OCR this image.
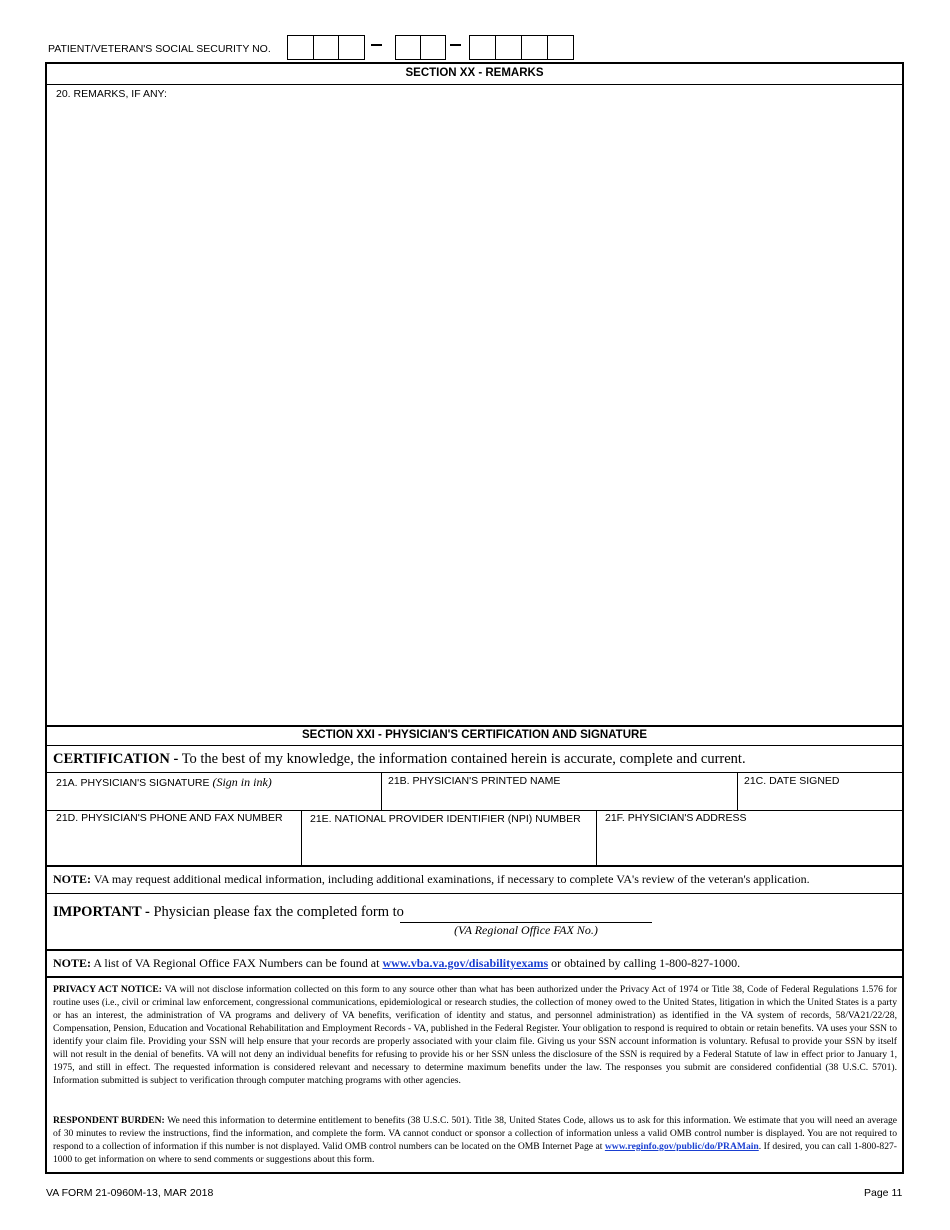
PATIENT/VETERAN'S SOCIAL SECURITY NO.
SECTION XX - REMARKS
20. REMARKS, IF ANY:
SECTION XXI - PHYSICIAN'S CERTIFICATION AND SIGNATURE
CERTIFICATION - To the best of my knowledge, the information contained herein is accurate, complete and current.
21A. PHYSICIAN'S SIGNATURE (Sign in ink)	21B. PHYSICIAN'S PRINTED NAME	21C. DATE SIGNED
21D. PHYSICIAN'S PHONE AND FAX NUMBER	21E. NATIONAL PROVIDER IDENTIFIER (NPI) NUMBER 21F. PHYSICIAN'S ADDRESS
NOTE: VA may request additional medical information, including additional examinations, if necessary to complete VA's review of the veteran's application.
IMPORTANT - Physician please fax the completed form to
(VA Regional Office FAX No.)
NOTE: A list of VA Regional Office FAX Numbers can be found at www.vba.va.gov/disabilityexams or obtained by calling 1-800-827-1000.
PRIVACY ACT NOTICE: VA will not disclose information collected on this form to any source other than what has been authorized under the Privacy Act of 1974 or Title 38, Code of Federal Regulations 1.576 for routine uses (i.e., civil or criminal law enforcement, congressional communications, epidemiological or research studies, the collection of money owed to the United States, litigation in which the United States is a party or has an interest, the administration of VA programs and delivery of VA benefits, verification of identity and status, and personnel administration) as identified in the VA system of records, 58/VA21/22/28, Compensation, Pension, Education and Vocational Rehabilitation and Employment Records - VA, published in the Federal Register. Your obligation to respond is required to obtain or retain benefits. VA uses your SSN to identify your claim file. Providing your SSN will help ensure that your records are properly associated with your claim file. Giving us your SSN account information is voluntary. Refusal to provide your SSN by itself will not result in the denial of benefits. VA will not deny an individual benefits for refusing to provide his or her SSN unless the disclosure of the SSN is required by a Federal Statute of law in effect prior to January 1, 1975, and still in effect. The requested information is considered relevant and necessary to determine maximum benefits under the law. The responses you submit are considered confidential (38 U.S.C. 5701). Information submitted is subject to verification through computer matching programs with other agencies.
RESPONDENT BURDEN: We need this information to determine entitlement to benefits (38 U.S.C. 501). Title 38, United States Code, allows us to ask for this information. We estimate that you will need an average of 30 minutes to review the instructions, find the information, and complete the form. VA cannot conduct or sponsor a collection of information unless a valid OMB control number is displayed. You are not required to respond to a collection of information if this number is not displayed. Valid OMB control numbers can be located on the OMB Internet Page at www.reginfo.gov/public/do/PRAMain. If desired, you can call 1-800-827-1000 to get information on where to send comments or suggestions about this form.
VA FORM 21-0960M-13, MAR 2018	Page 11
